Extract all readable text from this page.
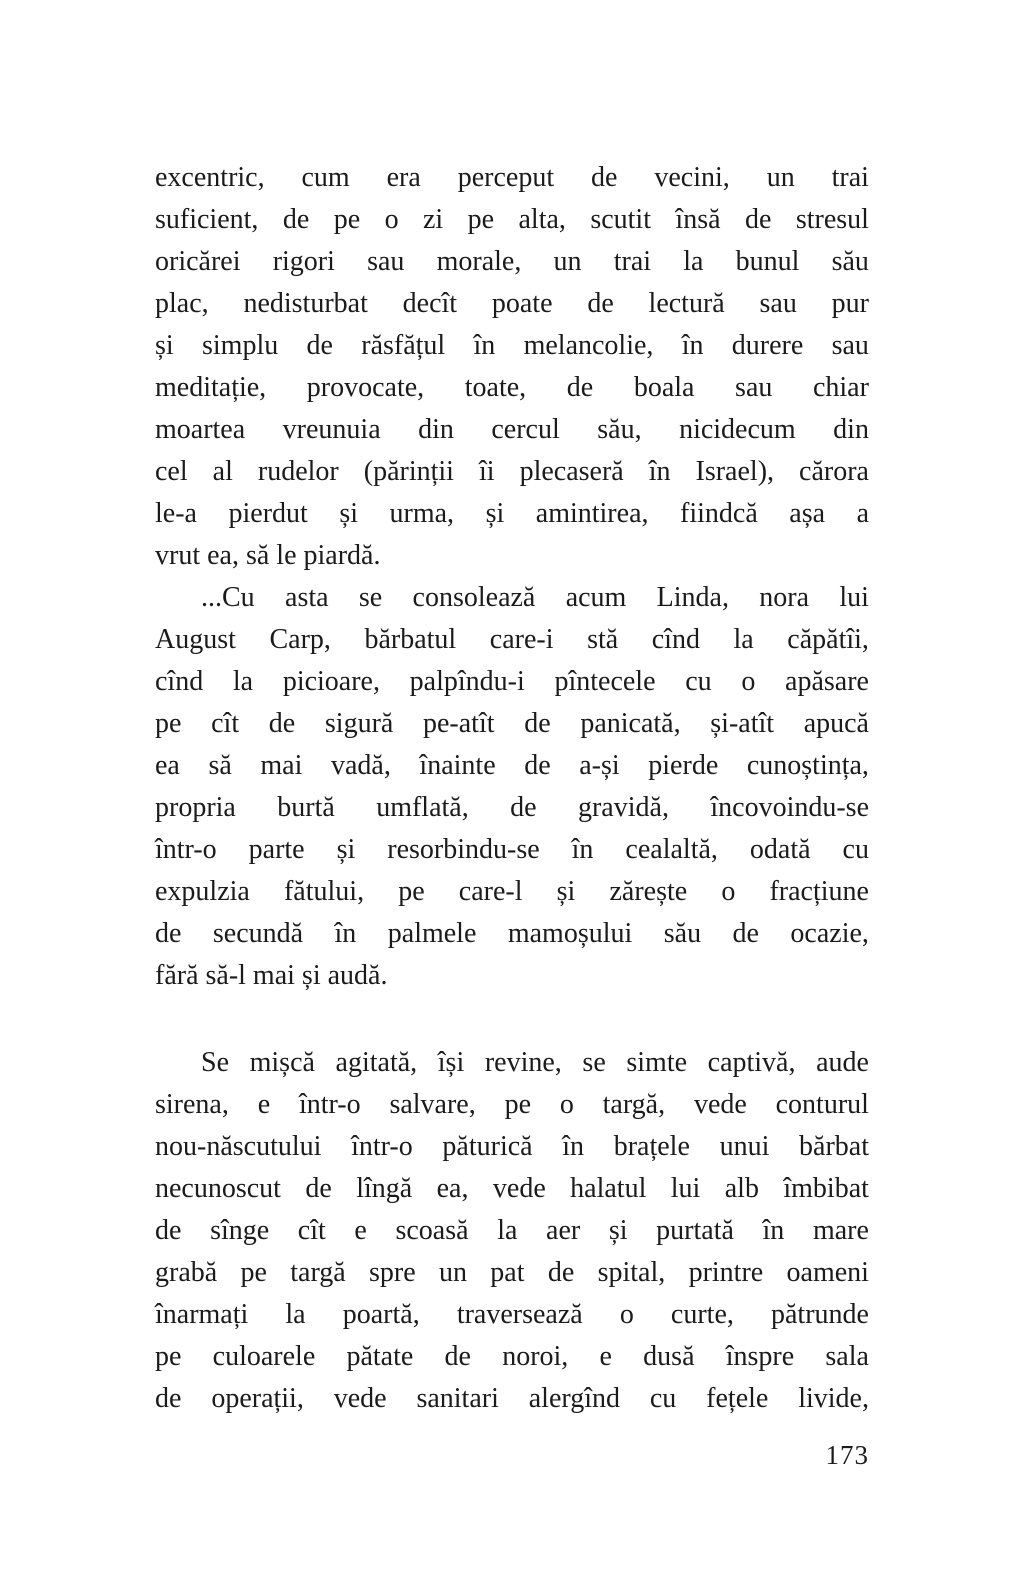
excentric, cum era perceput de vecini, un trai
suficient, de pe o zi pe alta, scutit însă de stresul
oricărei rigori sau morale, un trai la bunul său
plac, nedisturbat decît poate de lectură sau pur
și simplu de răsfățul în melancolie, în durere sau
meditație, provocate, toate, de boala sau chiar
moartea vreunuia din cercul său, nicidecum din
cel al rudelor (părinții îi plecaseră în Israel), cărora
le-a pierdut și urma, și amintirea, fiindcă așa a
vrut ea, să le piardă.
...Cu asta se consolează acum Linda, nora lui
August Carp, bărbatul care-i stă cînd la căpătîi,
cînd la picioare, palpîndu-i pîntecele cu o apăsare
pe cît de sigură pe-atît de panicată, și-atît apucă
ea să mai vadă, înainte de a-și pierde cunoștința,
propria burtă umflată, de gravidă, încovoindu-se
într-o parte și resorbindu-se în cealaltă, odată cu
expulzia fătului, pe care-l și zărește o fracțiune
de secundă în palmele mamoșului său de ocazie,
fără să-l mai și audă.
Se mișcă agitată, își revine, se simte captivă, aude
sirena, e într-o salvare, pe o targă, vede conturul
nou-născutului într-o păturică în brațele unui bărbat
necunoscut de lîngă ea, vede halatul lui alb îmbibat
de sînge cît e scoasă la aer și purtată în mare
grabă pe targă spre un pat de spital, printre oameni
înarmați la poartă, traversează o curte, pătrunde
pe culoarele pătate de noroi, e dusă înspre sala
de operații, vede sanitari alergînd cu fețele livide,
173
